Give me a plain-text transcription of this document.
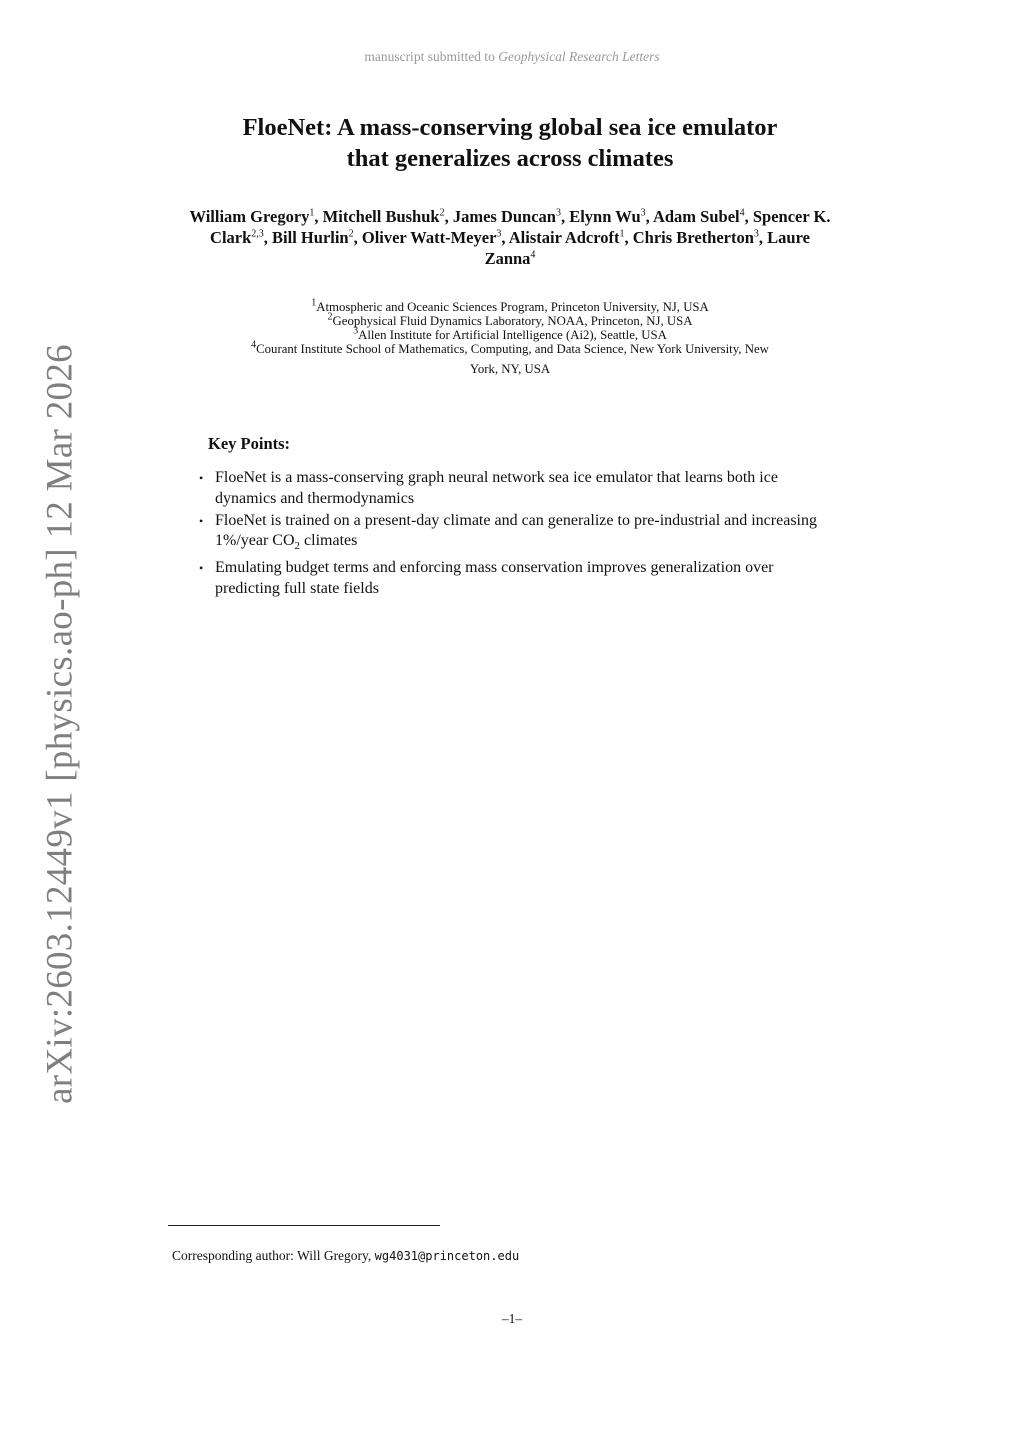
manuscript submitted to Geophysical Research Letters
arXiv:2603.12449v1 [physics.ao-ph] 12 Mar 2026
FloeNet: A mass-conserving global sea ice emulator
that generalizes across climates
William Gregory$^1$, Mitchell Bushuk$^2$, James Duncan$^3$, Elynn Wu$^3$, Adam Subel$^4$, Spencer K. Clark$^{2,3}$, Bill Hurlin$^2$, Oliver Watt-Meyer$^3$, Alistair Adcroft$^1$, Chris Bretherton$^3$, Laure Zanna$^4$
$^1$Atmospheric and Oceanic Sciences Program, Princeton University, NJ, USA
$^2$Geophysical Fluid Dynamics Laboratory, NOAA, Princeton, NJ, USA
$^3$Allen Institute for Artificial Intelligence (Ai2), Seattle, USA
$^4$Courant Institute School of Mathematics, Computing, and Data Science, New York University, New
York, NY, USA
Key Points:
• FloeNet is a mass-conserving graph neural network sea ice emulator that learns both ice dynamics and thermodynamics
• FloeNet is trained on a present-day climate and can generalize to pre-industrial and increasing 1%/year $CO_2$ climates
• Emulating budget terms and enforcing mass conservation improves generalization over predicting full state fields
Corresponding author: Will Gregory, wg4031@princeton.edu
–1–
